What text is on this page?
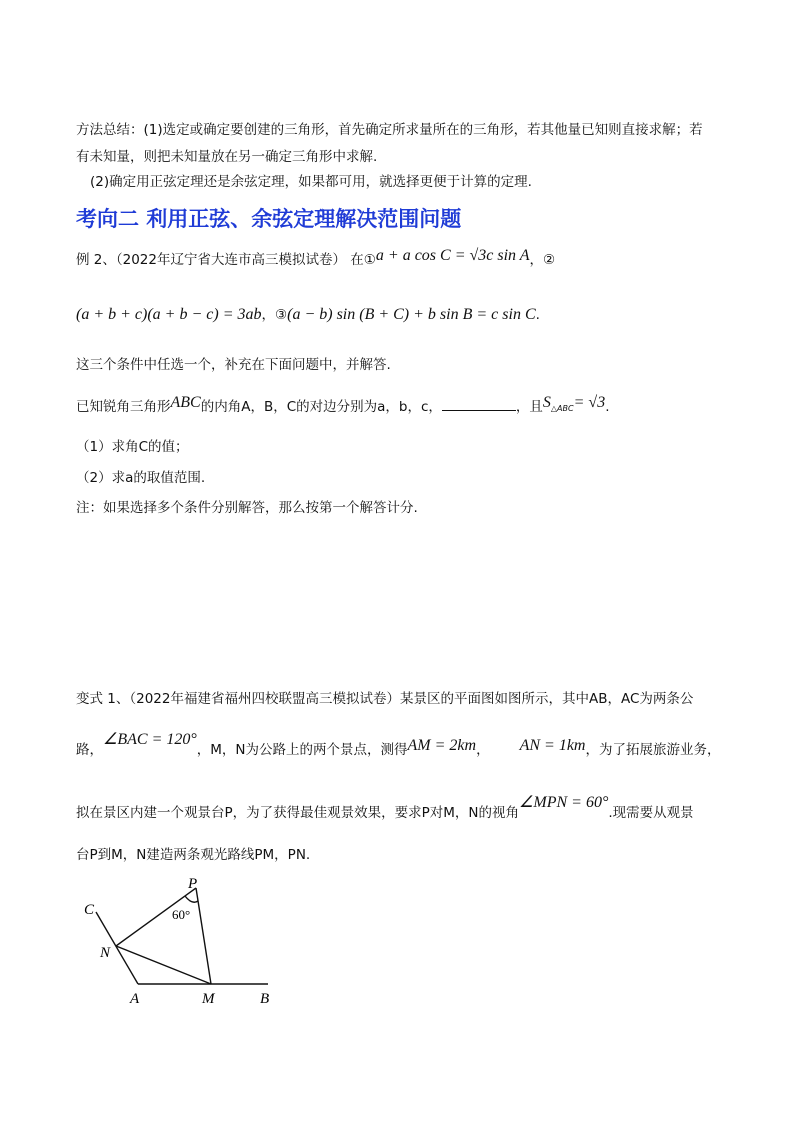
方法总结：(1)选定或确定要创建的三角形，首先确定所求量所在的三角形，若其他量已知则直接求解；若
有未知量，则把未知量放在另一确定三角形中求解.
(2)确定用正弦定理还是余弦定理，如果都可用，就选择更便于计算的定理.
考向二 利用正弦、余弦定理解决范围问题
例 2、（2022年辽宁省大连市高三模拟试卷） 在①a + a cos C = √3c sin A，②
(a + b + c)(a + b − c) = 3ab，③(a − b) sin (B + C) + b sin B = c sin C.
这三个条件中任选一个，补充在下面问题中，并解答.
已知锐角三角形ABC的内角A，B，C的对边分别为a，b，c，	，且S△ABC= √3.
（1）求角C的值；
（2）求a的取值范围.
注：如果选择多个条件分别解答，那么按第一个解答计分.
变式 1、（2022年福建省福州四校联盟高三模拟试卷）某景区的平面图如图所示，其中AB，AC为两条公
路，∠BAC = 120°，M，N为公路上的两个景点，测得AM = 2km， AN = 1km，为了拓展旅游业务，
拟在景区内建一个观景台P，为了获得最佳观景效果，要求P对M，N的视角∠MPN = 60°.现需要从观景
台P到M，N建造两条观光路线PM，PN.
C
P
60°
N
A	M	B
